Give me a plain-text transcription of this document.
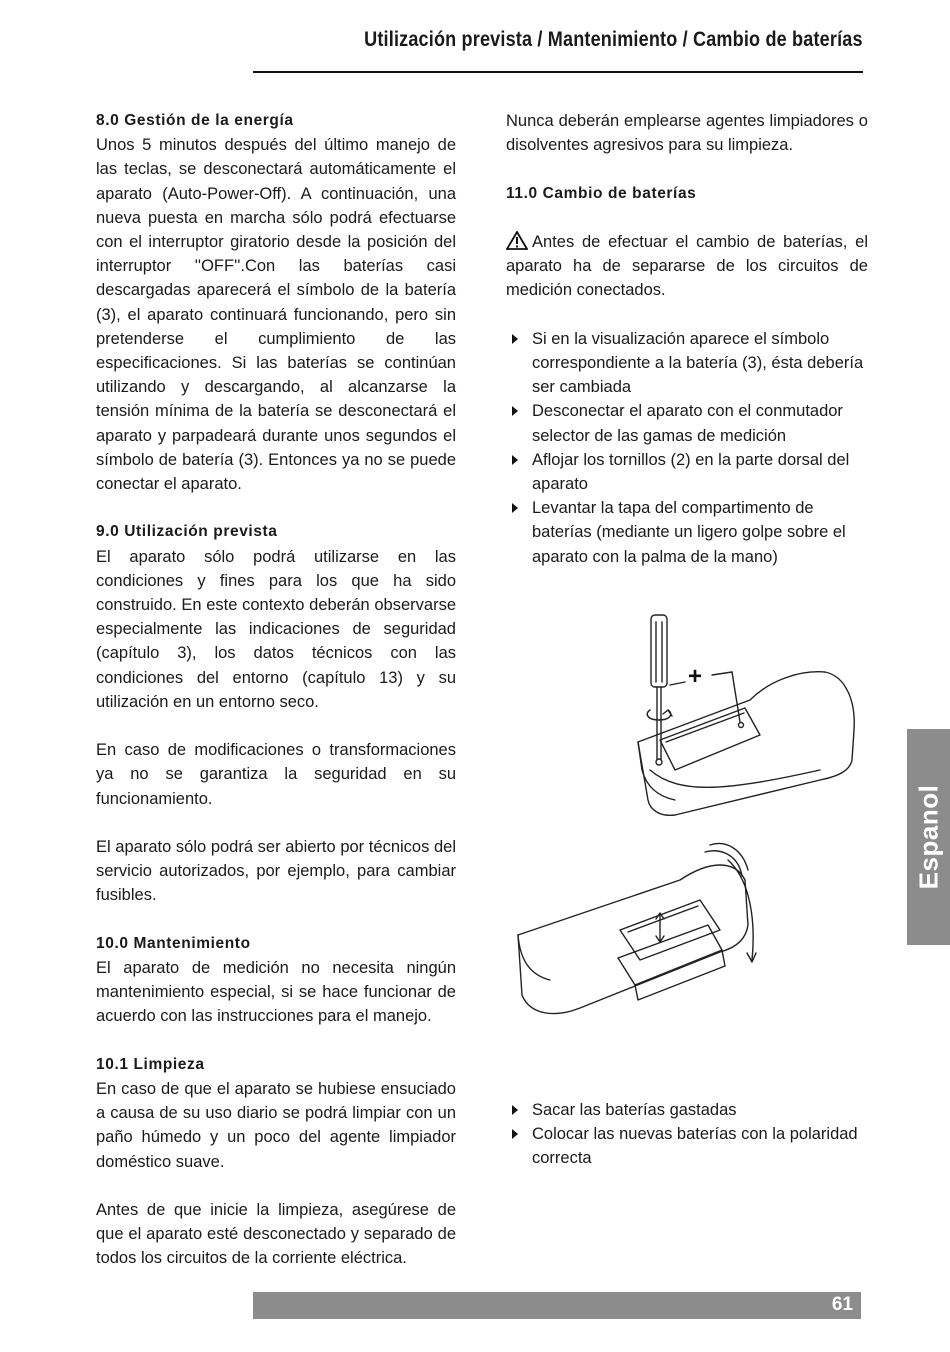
Utilización prevista / Mantenimiento / Cambio de baterías
8.0 Gestión de la energía

Unos 5 minutos después del último manejo de las teclas, se desconectará automáticamente el aparato (Auto-Power-Off). A continuación, una nueva puesta en marcha sólo podrá efectuarse con el interruptor giratorio desde la posición del interruptor ''OFF''.Con las baterías casi descargadas aparecerá el símbolo de la batería (3), el aparato continuará funcionando, pero sin pretenderse el cumplimiento de las especificaciones. Si las baterías se continúan utilizando y descargando, al alcanzarse la tensión mínima de la batería se desconectará el aparato y parpadeará durante unos segundos el símbolo de batería (3). Entonces ya no se puede conectar el aparato.

9.0 Utilización prevista

El aparato sólo podrá utilizarse en las condiciones y fines para los que ha sido construido. En este contexto deberán observarse especialmente las indicaciones de seguridad (capítulo 3), los datos técnicos con las condiciones del entorno (capítulo 13) y su utilización en un entorno seco.

En caso de modificaciones o transformaciones ya no se garantiza la seguridad en su funcionamiento.

El aparato sólo podrá ser abierto por técnicos del servicio autorizados, por ejemplo, para cambiar fusibles.

10.0 Mantenimiento

El aparato de medición no necesita ningún mantenimiento especial, si se hace funcionar de acuerdo con las instrucciones para el manejo.

10.1 Limpieza

En caso de que el aparato se hubiese ensuciado a causa de su uso diario se podrá limpiar con un paño húmedo y un poco del agente limpiador doméstico suave.

Antes de que inicie la limpieza, asegúrese de que el aparato esté desconectado y separado de todos los circuitos de la corriente eléctrica.

Nunca deberán emplearse agentes limpiadores o disolventes agresivos para su limpieza.

11.0 Cambio de baterías

Antes de efectuar el cambio de baterías, el aparato ha de separarse de los circuitos de medición conectados.

Si en la visualización aparece el símbolo correspondiente a la batería (3), ésta debería ser cambiada
Desconectar el aparato con el conmutador selector de las gamas de medición
Aflojar los tornillos (2) en la parte dorsal del aparato
Levantar la tapa del compartimento de baterías (mediante un ligero golpe sobre el aparato con la palma de la mano)
+
Sacar las baterías gastadas
Colocar las nuevas baterías con la polaridad correcta
Espanol
61
